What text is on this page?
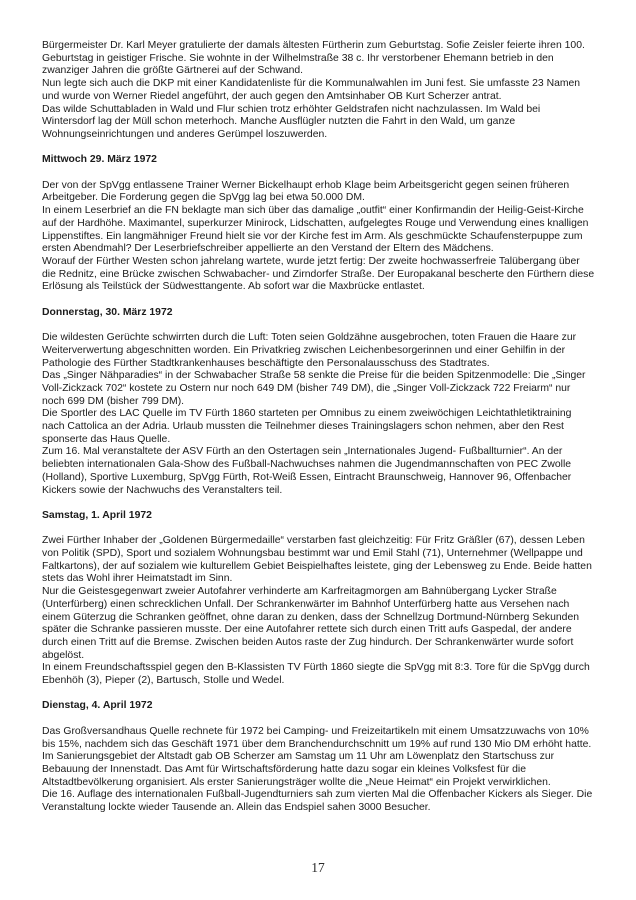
Bürgermeister Dr. Karl Meyer gratulierte der damals ältesten Fürtherin zum Geburtstag. Sofie Zeisler feierte ihren 100. Geburtstag in geistiger Frische. Sie wohnte in der Wilhelmstraße 38 c. Ihr verstorbener Ehemann betrieb in den zwanziger Jahren die größte Gärtnerei auf der Schwand.

Nun legte sich auch die DKP mit einer Kandidatenliste für die Kommunalwahlen im Juni fest. Sie umfasste 23 Namen und wurde von Werner Riedel angeführt, der auch gegen den Amtsinhaber OB Kurt Scherzer antrat.

Das wilde Schuttabladen in Wald und Flur schien trotz erhöhter Geldstrafen nicht nachzulassen. Im Wald bei Wintersdorf lag der Müll schon meterhoch. Manche Ausflügler nutzten die Fahrt in den Wald, um ganze Wohnungseinrichtungen und anderes Gerümpel loszuwerden.

Mittwoch 29. März 1972

Der von der SpVgg entlassene Trainer Werner Bickelhaupt erhob Klage beim Arbeitsgericht gegen seinen früheren Arbeitgeber. Die Forderung gegen die SpVgg lag bei etwa 50.000 DM.

In einem Leserbrief an die FN beklagte man sich über das damalige „outfit“ einer Konfirmandin der Heilig-Geist-Kirche auf der Hardhöhe. Maximantel, superkurzer Minirock, Lidschatten, aufgelegtes Rouge und Verwendung eines knalligen Lippenstiftes. Ein langmähniger Freund hielt sie vor der Kirche fest im Arm. Als geschmückte Schaufensterpuppe zum ersten Abendmahl? Der Leserbriefschreiber appellierte an den Verstand der Eltern des Mädchens.

Worauf der Fürther Westen schon jahrelang wartete, wurde jetzt fertig: Der zweite hochwasserfreie Talübergang über die Rednitz, eine Brücke zwischen Schwabacher- und Zirndorfer Straße. Der Europakanal bescherte den Fürthern diese Erlösung als Teilstück der Südwesttangente. Ab sofort war die Maxbrücke entlastet.

Donnerstag, 30. März 1972

Die wildesten Gerüchte schwirrten durch die Luft: Toten seien Goldzähne ausgebrochen, toten Frauen die Haare zur Weiterverwertung abgeschnitten worden. Ein Privatkrieg zwischen Leichenbesorgerinnen und einer Gehilfin in der Pathologie des Fürther Stadtkrankenhauses beschäftigte den Personalausschuss des Stadtrates.

Das „Singer Nähparadies“ in der Schwabacher Straße 58 senkte die Preise für die beiden Spitzenmodelle: Die „Singer Voll-Zickzack 702“ kostete zu Ostern nur noch 649 DM (bisher 749 DM), die „Singer Voll-Zickzack 722 Freiarm“ nur noch 699 DM (bisher 799 DM).

Die Sportler des LAC Quelle im TV Fürth 1860 starteten per Omnibus zu einem zweiwöchigen Leichtathletiktraining nach Cattolica an der Adria. Urlaub mussten die Teilnehmer dieses Trainingslagers schon nehmen, aber den Rest sponserte das Haus Quelle.

Zum 16. Mal veranstaltete der ASV Fürth an den Ostertagen sein „Internationales Jugend- Fußballturnier“. An der beliebten internationalen Gala-Show des Fußball-Nachwuchses nahmen die Jugendmannschaften von PEC Zwolle (Holland), Sportive Luxemburg, SpVgg Fürth, Rot-Weiß Essen, Eintracht Braunschweig, Hannover 96, Offenbacher Kickers sowie der Nachwuchs des Veranstalters teil.

Samstag, 1. April 1972

Zwei Fürther Inhaber der „Goldenen Bürgermedaille“ verstarben fast gleichzeitig: Für Fritz Gräßler (67), dessen Leben von Politik (SPD), Sport und sozialem Wohnungsbau bestimmt war und Emil Stahl (71), Unternehmer (Wellpappe und Faltkartons), der auf sozialem wie kulturellem Gebiet Beispielhaftes leistete, ging der Lebensweg zu Ende. Beide hatten stets das Wohl ihrer Heimatstadt im Sinn.

Nur die Geistesgegenwart zweier Autofahrer verhinderte am Karfreitagmorgen am Bahnübergang Lycker Straße (Unterfürberg) einen schrecklichen Unfall. Der Schrankenwärter im Bahnhof Unterfürberg hatte aus Versehen nach einem Güterzug die Schranken geöffnet, ohne daran zu denken, dass der Schnellzug Dortmund-Nürnberg Sekunden später die Schranke passieren musste. Der eine Autofahrer rettete sich durch einen Tritt aufs Gaspedal, der andere durch einen Tritt auf die Bremse. Zwischen beiden Autos raste der Zug hindurch. Der Schrankenwärter wurde sofort abgelöst.

In einem Freundschaftsspiel gegen den B-Klassisten TV Fürth 1860 siegte die SpVgg mit 8:3. Tore für die SpVgg durch Ebenhöh (3), Pieper (2), Bartusch, Stolle und Wedel.

Dienstag, 4. April 1972

Das Großversandhaus Quelle rechnete für 1972 bei Camping- und Freizeitartikeln mit einem Umsatzzuwachs von 10% bis 15%, nachdem sich das Geschäft 1971 über dem Branchendurchschnitt um 19% auf rund 130 Mio DM erhöht hatte.

Im Sanierungsgebiet der Altstadt gab OB Scherzer am Samstag um 11 Uhr am Löwenplatz den Startschuss zur Bebauung der Innenstadt. Das Amt für Wirtschaftsförderung hatte dazu sogar ein kleines Volksfest für die Altstadtbevölkerung organisiert. Als erster Sanierungsträger wollte die „Neue Heimat“ ein Projekt verwirklichen.

Die 16. Auflage des internationalen Fußball-Jugendturniers sah zum vierten Mal die Offenbacher Kickers als Sieger. Die Veranstaltung lockte wieder Tausende an. Allein das Endspiel sahen 3000 Besucher.

17
